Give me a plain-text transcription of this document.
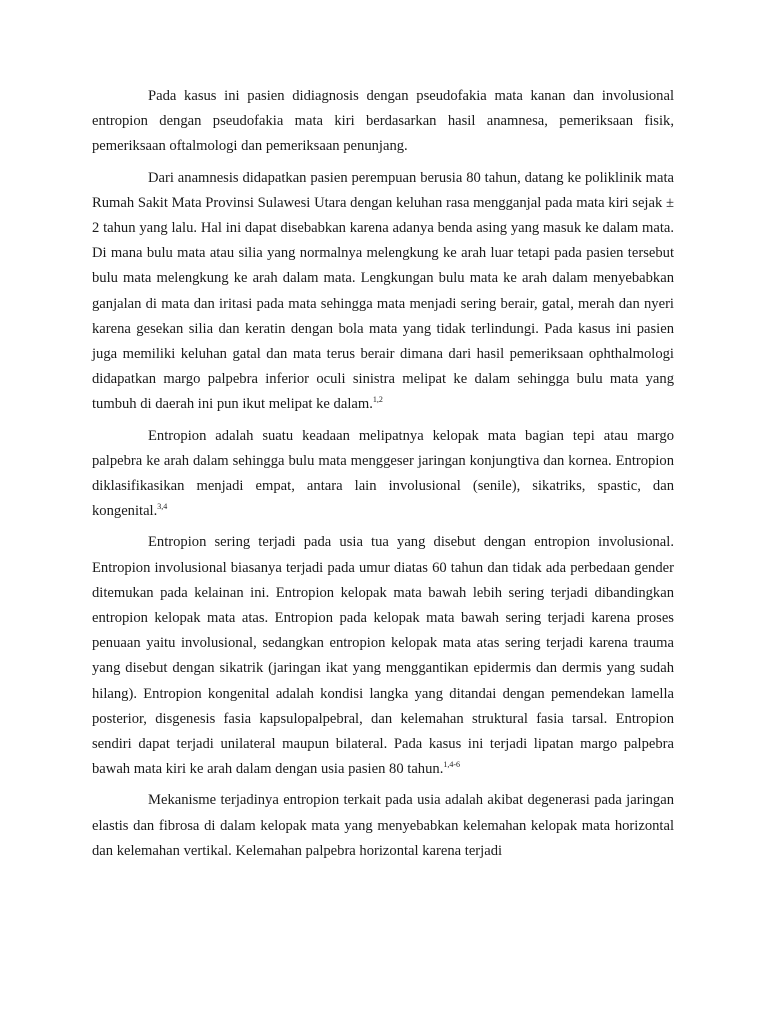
Pada kasus ini pasien didiagnosis dengan pseudofakia mata kanan dan involusional entropion dengan pseudofakia mata kiri berdasarkan hasil anamnesa, pemeriksaan fisik, pemeriksaan oftalmologi dan pemeriksaan penunjang.

Dari anamnesis didapatkan pasien perempuan berusia 80 tahun, datang ke poliklinik mata Rumah Sakit Mata Provinsi Sulawesi Utara dengan keluhan rasa mengganjal pada mata kiri sejak ± 2 tahun yang lalu. Hal ini dapat disebabkan karena adanya benda asing yang masuk ke dalam mata. Di mana bulu mata atau silia yang normalnya melengkung ke arah luar tetapi pada pasien tersebut bulu mata melengkung ke arah dalam mata. Lengkungan bulu mata ke arah dalam menyebabkan ganjalan di mata dan iritasi pada mata sehingga mata menjadi sering berair, gatal, merah dan nyeri karena gesekan silia dan keratin dengan bola mata yang tidak terlindungi. Pada kasus ini pasien juga memiliki keluhan gatal dan mata terus berair dimana dari hasil pemeriksaan ophthalmologi didapatkan margo palpebra inferior oculi sinistra melipat ke dalam sehingga bulu mata yang tumbuh di daerah ini pun ikut melipat ke dalam.$^{1,2}$

Entropion adalah suatu keadaan melipatnya kelopak mata bagian tepi atau margo palpebra ke arah dalam sehingga bulu mata menggeser jaringan konjungtiva dan kornea. Entropion diklasifikasikan menjadi empat, antara lain involusional (senile), sikatriks, spastic, dan kongenital.$^{3,4}$

Entropion sering terjadi pada usia tua yang disebut dengan entropion involusional. Entropion involusional biasanya terjadi pada umur diatas 60 tahun dan tidak ada perbedaan gender ditemukan pada kelainan ini. Entropion kelopak mata bawah lebih sering terjadi dibandingkan entropion kelopak mata atas. Entropion pada kelopak mata bawah sering terjadi karena proses penuaan yaitu involusional, sedangkan entropion kelopak mata atas sering terjadi karena trauma yang disebut dengan sikatrik (jaringan ikat yang menggantikan epidermis dan dermis yang sudah hilang). Entropion kongenital adalah kondisi langka yang ditandai dengan pemendekan lamella posterior, disgenesis fasia kapsulopalpebral, dan kelemahan struktural fasia tarsal. Entropion sendiri dapat terjadi unilateral maupun bilateral. Pada kasus ini terjadi lipatan margo palpebra bawah mata kiri ke arah dalam dengan usia pasien 80 tahun.$^{1,4-6}$

Mekanisme terjadinya entropion terkait pada usia adalah akibat degenerasi pada jaringan elastis dan fibrosa di dalam kelopak mata yang menyebabkan kelemahan kelopak mata horizontal dan kelemahan vertikal. Kelemahan palpebra horizontal karena terjadi
